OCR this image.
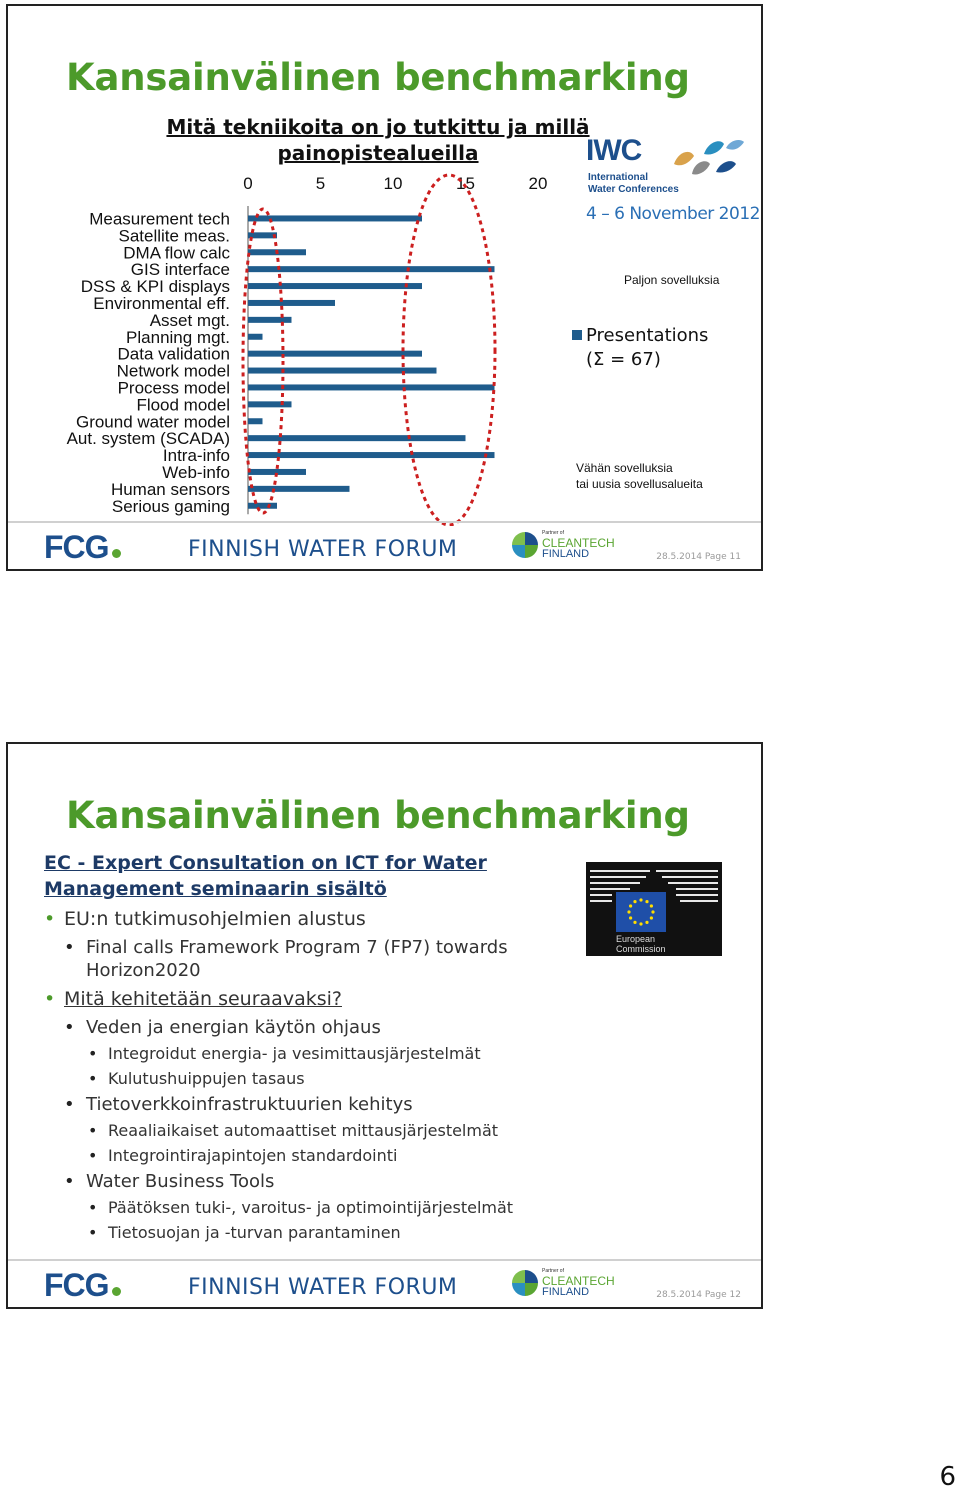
Kansainvälinen benchmarking
Mitä tekniikoita on jo tutkittu ja millä painopistealueilla
0	5	10	15	20
Measurement tech
Satellite meas.
DMA flow calc
GIS interface
DSS & KPI displays
Environmental eff.
Asset mgt.
Planning mgt.
Data validation
Network model
Process model
Flood model
Ground water model
Aut. system (SCADA)
Intra-info
Web-info
Human sensors
Serious gaming
IWC
International
Water Conferences
4 – 6 November 2012
Paljon sovelluksia
Presentations
(Σ = 67)
Vähän sovelluksia
tai uusia sovellusalueita
FCG	FINNISH WATER FORUM
Partner of
CLEANTECH
FINLAND	28.5.2014 Page 11
Kansainvälinen benchmarking
EC - Expert Consultation on ICT for Water
Management seminaarin sisältö
European
Commission
• EU:n tutkimusohjelmien alustus
• Final calls Framework Program 7 (FP7) towards Horizon2020
• Mitä kehitetään seuraavaksi?
• Veden ja energian käytön ohjaus
• Integroidut energia- ja vesimittausjärjestelmät
• Kulutushuippujen tasaus
• Tietoverkkoinfrastruktuurien kehitys
• Reaaliaikaiset automaattiset mittausjärjestelmät
• Integrointirajapintojen standardointi
• Water Business Tools
• Päätöksen tuki-, varoitus- ja optimointijärjestelmät
• Tietosuojan ja -turvan parantaminen
FCG	FINNISH WATER FORUM
Partner of
CLEANTECH
FINLAND	28.5.2014 Page 12
6
